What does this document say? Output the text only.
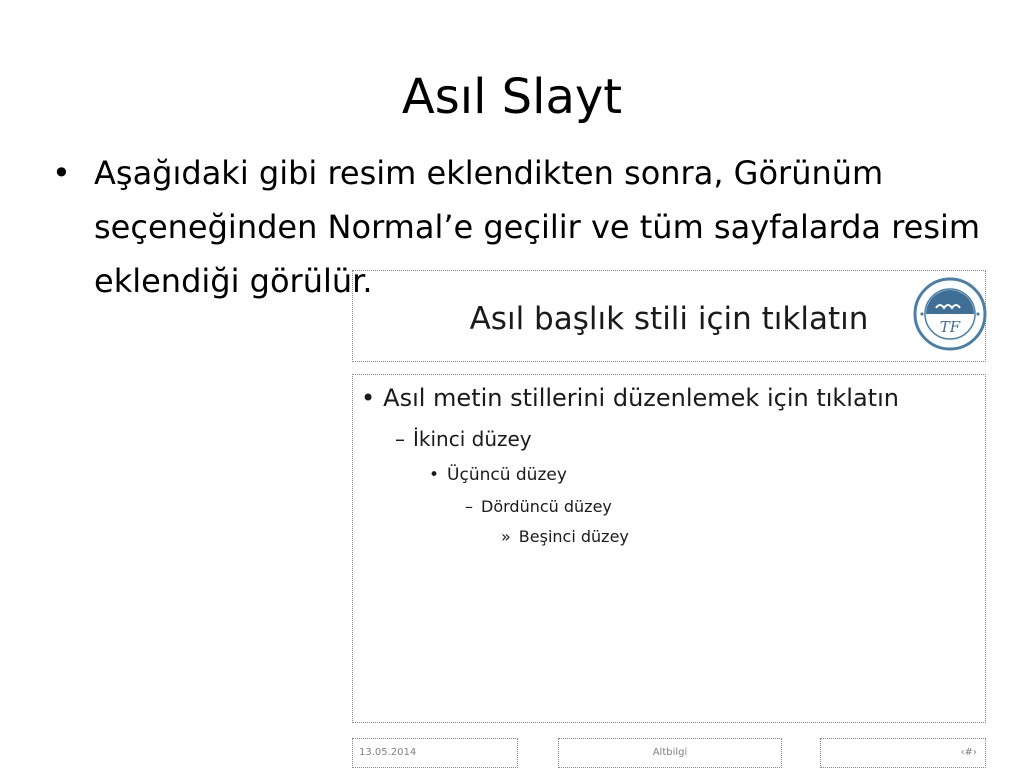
Asıl Slayt
• Aşağıdaki gibi resim eklendikten sonra, Görünüm seçeneğinden Normal’e geçilir ve tüm sayfalarda resim eklendiği görülür.
Asıl başlık stili için tıklatın	TF
• Asıl metin stillerini düzenlemek için tıklatın
– İkinci düzey
• Üçüncü düzey
– Dördüncü düzey
» Beşinci düzey
13.05.2014	Altbilgi	‹#›
